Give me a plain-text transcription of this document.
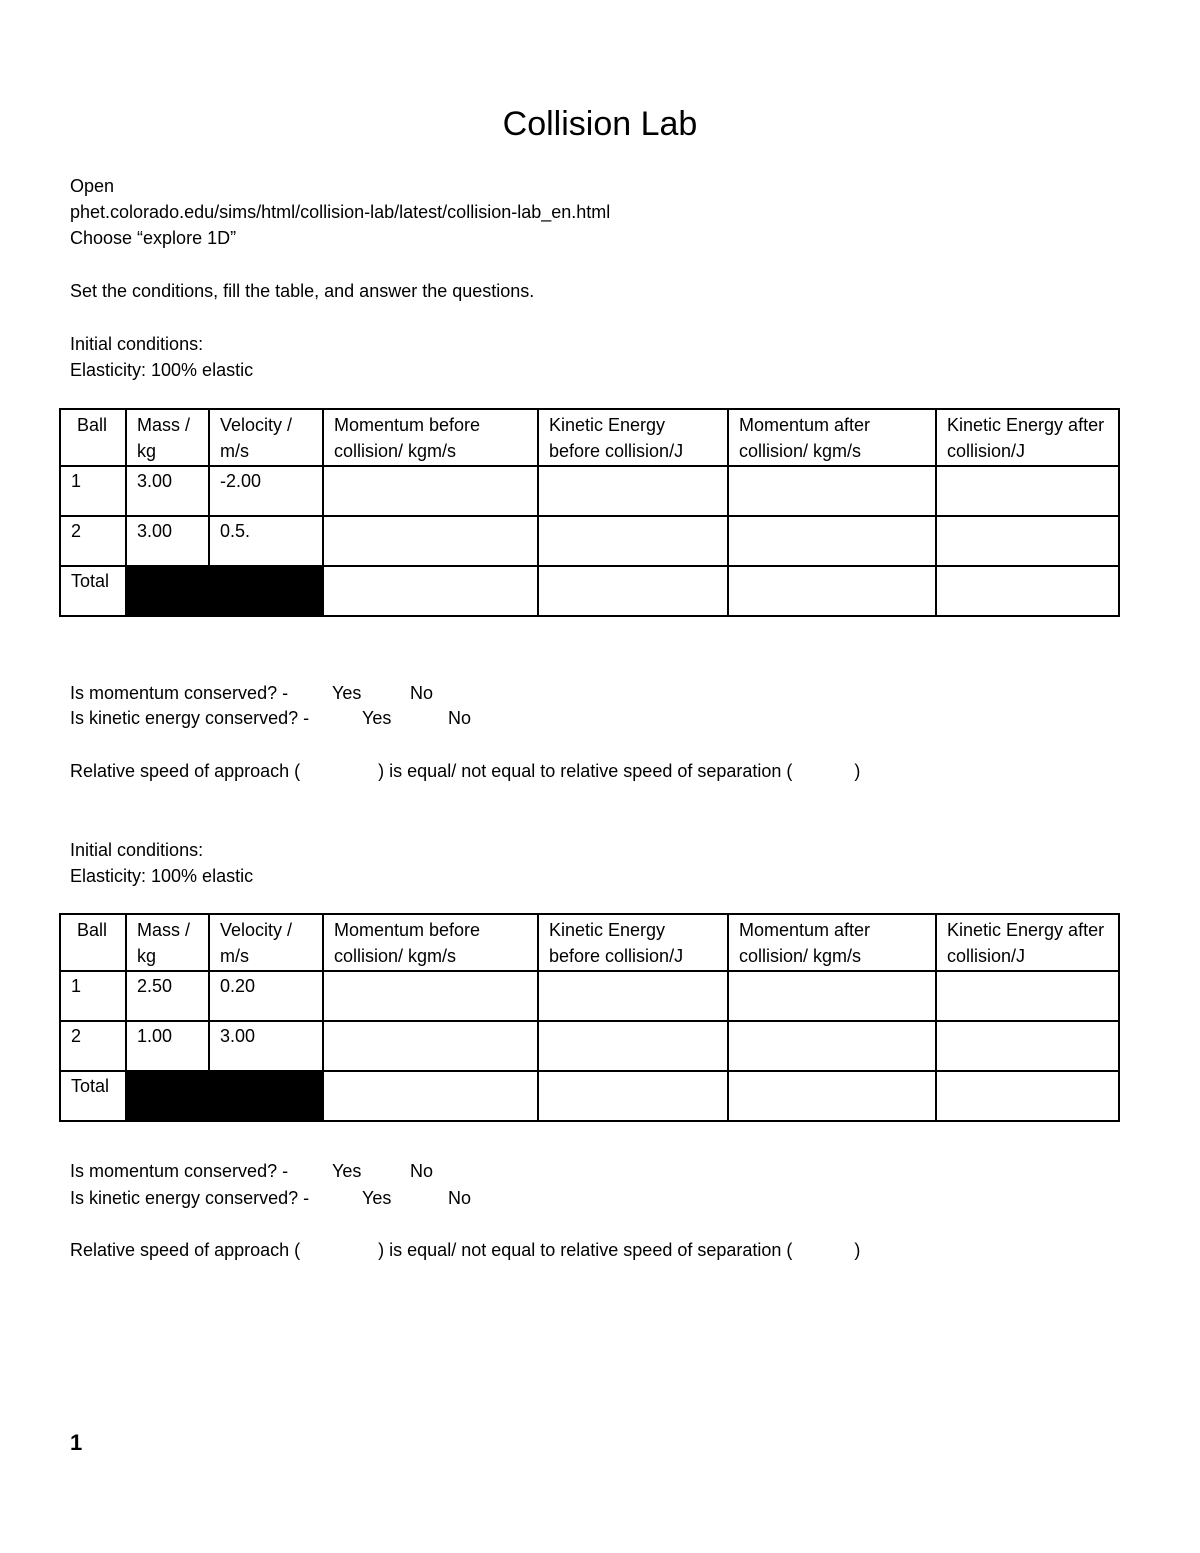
Collision Lab
Open
phet.colorado.edu/sims/html/collision-lab/latest/collision-lab_en.html
Choose “explore 1D”
Set the conditions, fill the table, and answer the questions.
Initial conditions:
Elasticity: 100% elastic
Ball	Mass / kg	Velocity / m/s	Momentum before collision/ kgm/s	Kinetic Energy before collision/J	Momentum after collision/ kgm/s	Kinetic Energy after collision/J
1	3.00	-2.00				
2	3.00	0.5.				
Total						
Is momentum conserved? - Yes	No
Is kinetic energy conserved? -	Yes	No
Relative speed of approach (	) is equal/ not equal to relative speed of separation (	)
Initial conditions:
Elasticity: 100% elastic
Ball	Mass / kg	Velocity / m/s	Momentum before collision/ kgm/s	Kinetic Energy before collision/J	Momentum after collision/ kgm/s	Kinetic Energy after collision/J
1	2.50	0.20				
2	1.00	3.00				
Total						
Is momentum conserved? - Yes	No
Is kinetic energy conserved? -	Yes	No
Relative speed of approach (	) is equal/ not equal to relative speed of separation (	)
1
